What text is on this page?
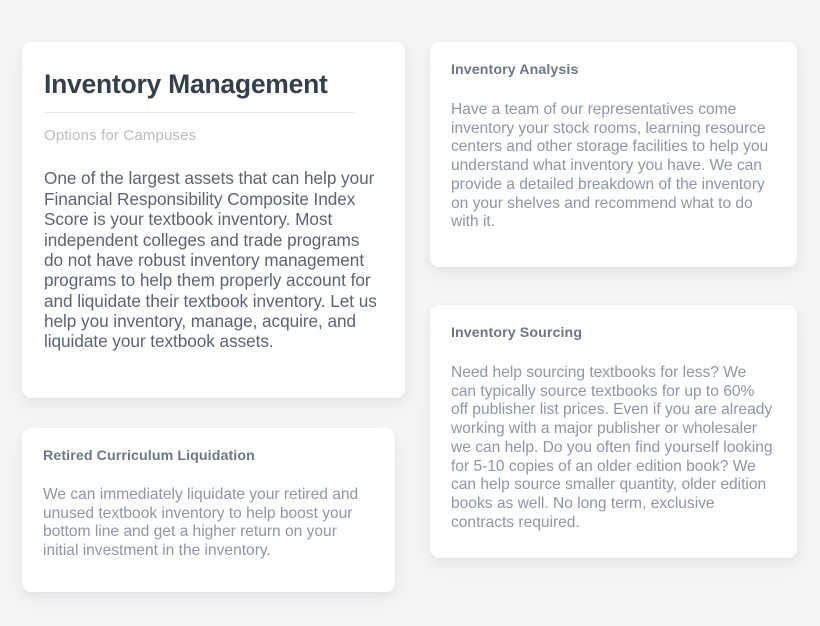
Inventory Management

Options for Campuses

One of the largest assets that can help your Financial Responsibility Composite Index Score is your textbook inventory. Most independent colleges and trade programs do not have robust inventory management programs to help them properly account for and liquidate their textbook inventory. Let us help you inventory, manage, acquire, and liquidate your textbook assets.

Inventory Analysis

Have a team of our representatives come inventory your stock rooms, learning resource centers and other storage facilities to help you understand what inventory you have. We can provide a detailed breakdown of the inventory on your shelves and recommend what to do with it.

Inventory Sourcing

Need help sourcing textbooks for less? We can typically source textbooks for up to 60% off publisher list prices. Even if you are already working with a major publisher or wholesaler we can help. Do you often find yourself looking for 5-10 copies of an older edition book? We can help source smaller quantity, older edition books as well. No long term, exclusive contracts required.

Retired Curriculum Liquidation

We can immediately liquidate your retired and unused textbook inventory to help boost your bottom line and get a higher return on your initial investment in the inventory.
